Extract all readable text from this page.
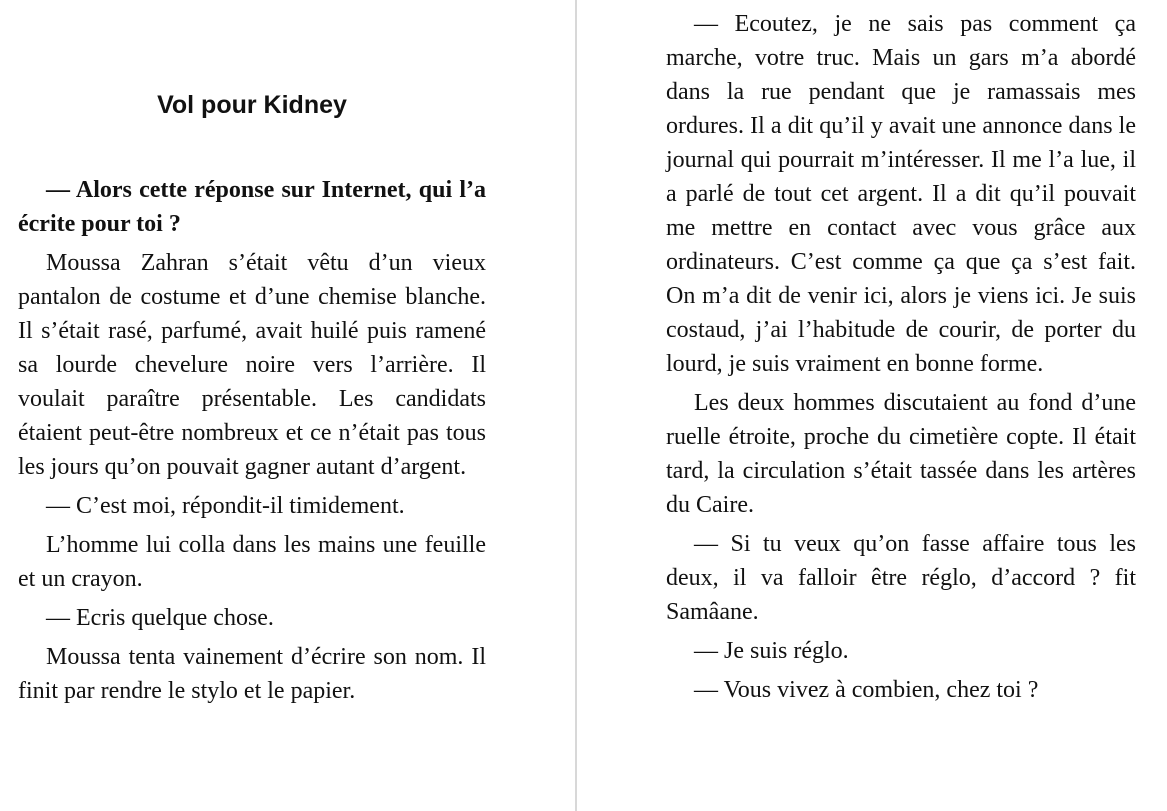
Vol pour Kidney

— Alors cette réponse sur Internet, qui l’a écrite pour toi ?

Moussa Zahran s’était vêtu d’un vieux pantalon de costume et d’une chemise blanche. Il s’était rasé, parfumé, avait huilé puis ramené sa lourde chevelure noire vers l’arrière. Il voulait paraître présentable. Les candidats étaient peut-être nombreux et ce n’était pas tous les jours qu’on pouvait gagner autant d’argent.

— C’est moi, répondit-il timidement.

L’homme lui colla dans les mains une feuille et un crayon.

— Ecris quelque chose.

Moussa tenta vainement d’écrire son nom. Il finit par rendre le stylo et le papier.

— Ecoutez, je ne sais pas comment ça marche, votre truc. Mais un gars m’a abordé dans la rue pendant que je ramassais mes ordures. Il a dit qu’il y avait une annonce dans le journal qui pourrait m’intéresser. Il me l’a lue, il a parlé de tout cet argent. Il a dit qu’il pouvait me mettre en contact avec vous grâce aux ordinateurs. C’est comme ça que ça s’est fait. On m’a dit de venir ici, alors je viens ici. Je suis costaud, j’ai l’habitude de courir, de porter du lourd, je suis vraiment en bonne forme.

Les deux hommes discutaient au fond d’une ruelle étroite, proche du cimetière copte. Il était tard, la circulation s’était tassée dans les artères du Caire.

— Si tu veux qu’on fasse affaire tous les deux, il va falloir être réglo, d’accord ? fit Samâane.

— Je suis réglo.

— Vous vivez à combien, chez toi ?
